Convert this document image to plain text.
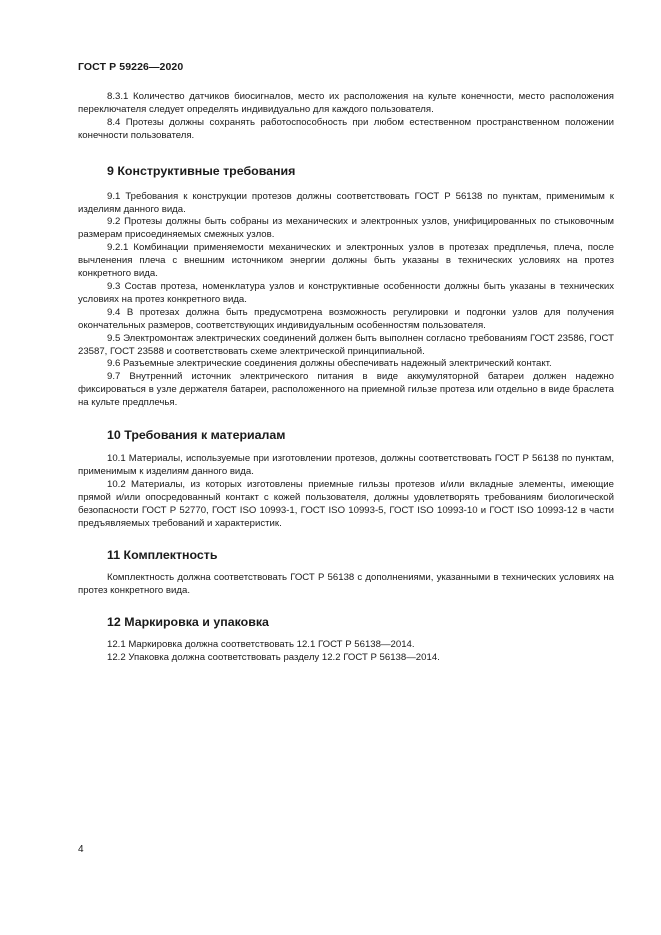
ГОСТ Р 59226—2020

8.3.1 Количество датчиков биосигналов, место их расположения на культе конечности, место расположения переключателя следует определять индивидуально для каждого пользователя.

8.4 Протезы должны сохранять работоспособность при любом естественном пространственном положении конечности пользователя.

9 Конструктивные требования

9.1 Требования к конструкции протезов должны соответствовать ГОСТ Р 56138 по пунктам, применимым к изделиям данного вида.

9.2 Протезы должны быть собраны из механических и электронных узлов, унифицированных по стыковочным размерам присоединяемых смежных узлов.

9.2.1 Комбинации применяемости механических и электронных узлов в протезах предплечья, плеча, после вычленения плеча с внешним источником энергии должны быть указаны в технических условиях на протез конкретного вида.

9.3 Состав протеза, номенклатура узлов и конструктивные особенности должны быть указаны в технических условиях на протез конкретного вида.

9.4 В протезах должна быть предусмотрена возможность регулировки и подгонки узлов для получения окончательных размеров, соответствующих индивидуальным особенностям пользователя.

9.5 Электромонтаж электрических соединений должен быть выполнен согласно требованиям ГОСТ 23586, ГОСТ 23587, ГОСТ 23588 и соответствовать схеме электрической принципиальной.

9.6 Разъемные электрические соединения должны обеспечивать надежный электрический контакт.

9.7 Внутренний источник электрического питания в виде аккумуляторной батареи должен надежно фиксироваться в узле держателя батареи, расположенного на приемной гильзе протеза или отдельно в виде браслета на культе предплечья.

10 Требования к материалам

10.1 Материалы, используемые при изготовлении протезов, должны соответствовать ГОСТ Р 56138 по пунктам, применимым к изделиям данного вида.

10.2 Материалы, из которых изготовлены приемные гильзы протезов и/или вкладные элементы, имеющие прямой и/или опосредованный контакт с кожей пользователя, должны удовлетворять требованиям биологической безопасности ГОСТ Р 52770, ГОСТ ISO 10993-1, ГОСТ ISO 10993-5, ГОСТ ISO 10993-10 и ГОСТ ISO 10993-12 в части предъявляемых требований и характеристик.

11 Комплектность

Комплектность должна соответствовать ГОСТ Р 56138 с дополнениями, указанными в технических условиях на протез конкретного вида.

12 Маркировка и упаковка

12.1 Маркировка должна соответствовать 12.1 ГОСТ Р 56138—2014.

12.2 Упаковка должна соответствовать разделу 12.2 ГОСТ Р 56138—2014.

4
